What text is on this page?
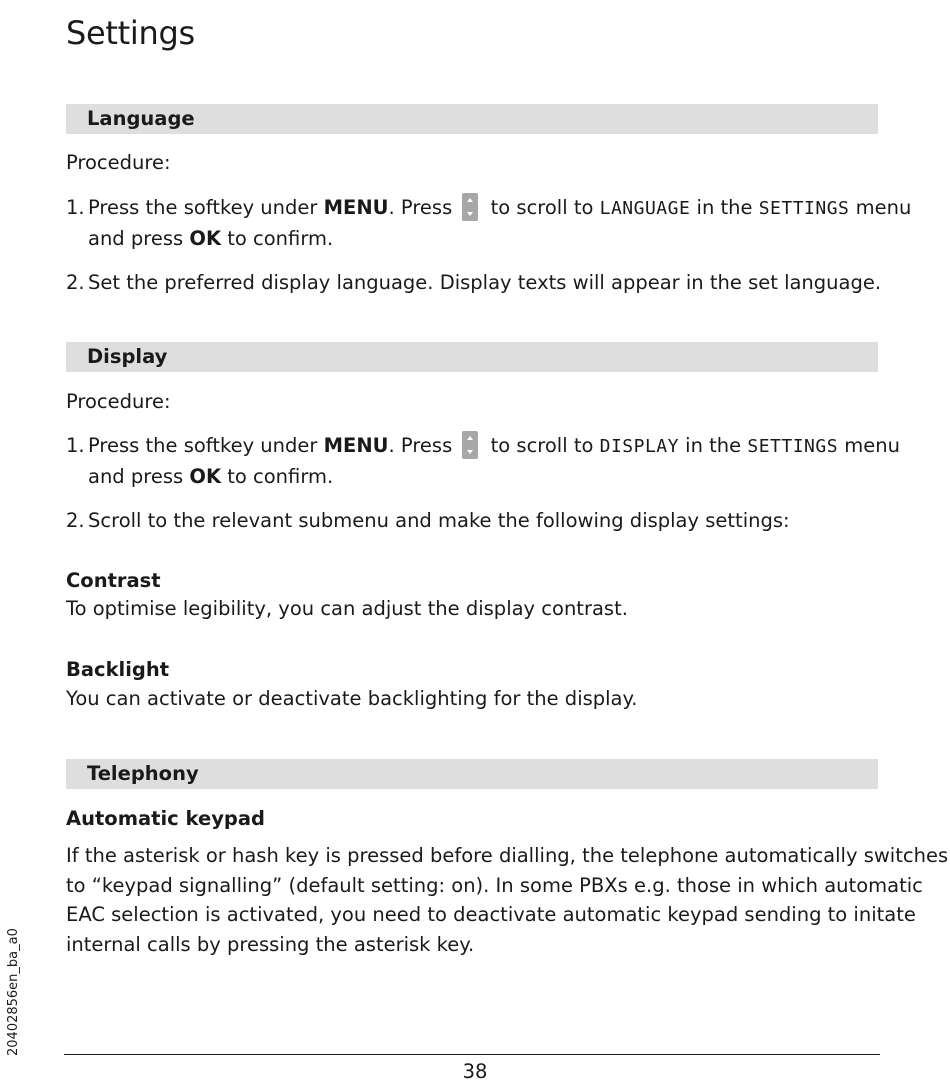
Settings
Language
Procedure:
1. Press the softkey under MENU. Press  to scroll to LANGUAGE in the SETTINGS menu
and press OK to confirm.
2. Set the preferred display language. Display texts will appear in the set language.
Display
Procedure:
1. Press the softkey under MENU. Press  to scroll to DISPLAY in the SETTINGS menu
and press OK to confirm.
2. Scroll to the relevant submenu and make the following display settings:
Contrast
To optimise legibility, you can adjust the display contrast.
Backlight
You can activate or deactivate backlighting for the display.
Telephony
Automatic keypad
If the asterisk or hash key is pressed before dialling, the telephone automatically switches
to “keypad signalling” (default setting: on). In some PBXs e.g. those in which automatic
EAC selection is activated, you need to deactivate automatic keypad sending to initate
internal calls by pressing the asterisk key.
20402856en_ba_a0
38
